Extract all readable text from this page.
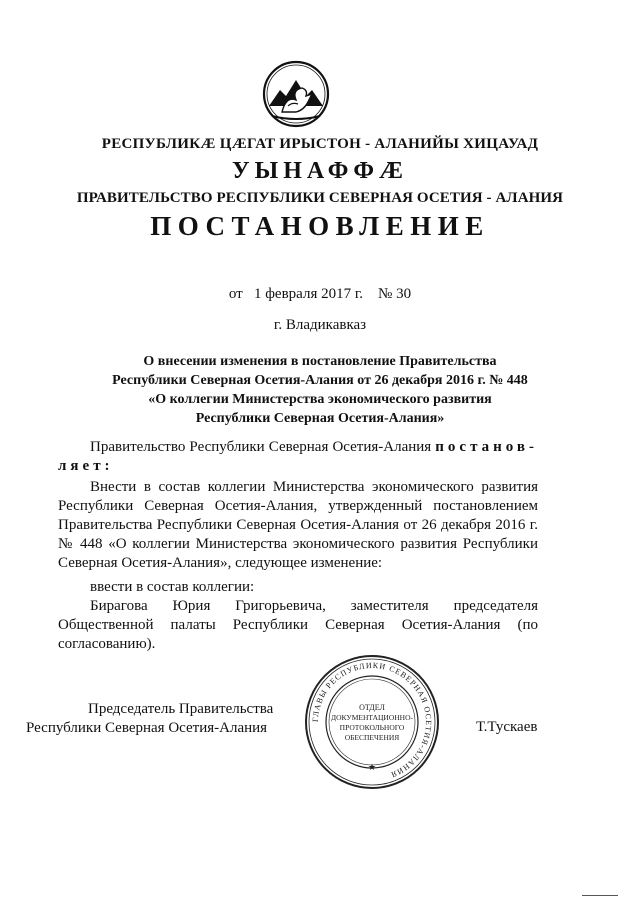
РЕСПУБЛИКÆ ЦÆГАТ ИРЫСТОН - АЛАНИЙЫ ХИЦАУАД
УЫНАФФÆ
ПРАВИТЕЛЬСТВО РЕСПУБЛИКИ СЕВЕРНАЯ ОСЕТИЯ - АЛАНИЯ
ПОСТАНОВЛЕНИЕ
от   1 февраля 2017 г.    № 30
г. Владикавказ
О внесении изменения в постановление Правительства
Республики Северная Осетия-Алания от 26 декабря 2016 г. № 448
«О коллегии Министерства экономического развития
Республики Северная Осетия-Алания»
Правительство Республики Северная Осетия-Алания постанов-
ляет:
Внести в состав коллегии Министерства экономического развития
Республики Северная Осетия-Алания, утвержденный постановлением
Правительства Республики Северная Осетия-Алания от 26 декабря 2016 г.
№ 448 «О коллегии Министерства экономического развития Республики
Северная Осетия-Алания», следующее изменение:
ввести в состав коллегии:
Бирагова Юрия Григорьевича, заместителя председателя
Общественной палаты Республики Северная Осетия-Алания (по
согласованию).
Председатель Правительства
Республики Северная Осетия-Алания	Т.Тускаев
ГЛАВЫ РЕСПУБЛИКИ СЕВЕРНАЯ ОСЕТИЯ-АЛАНИЯ
ОТДЕЛ
ДОКУМЕНТАЦИОННО-
ПРОТОКОЛЬНОГО
ОБЕСПЕЧЕНИЯ
★
